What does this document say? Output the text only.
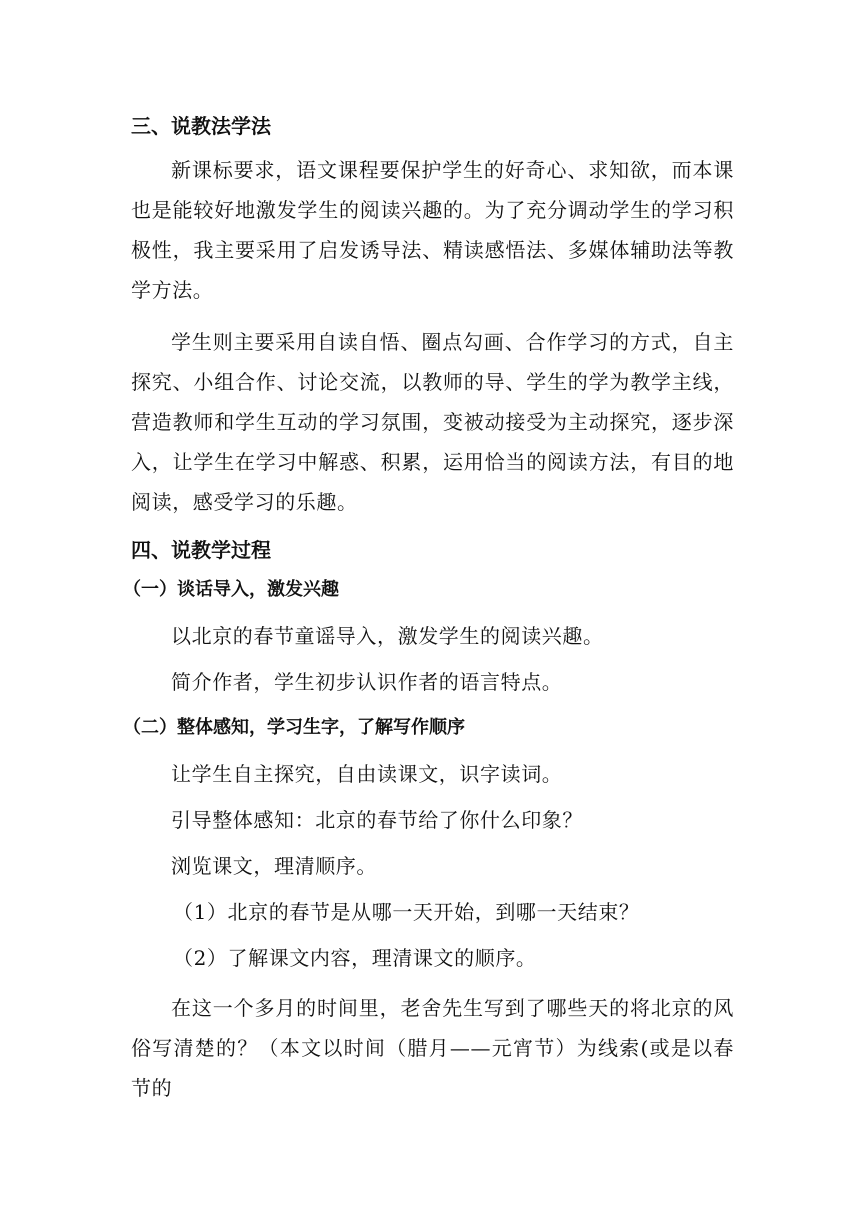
三、说教法学法

新课标要求，语文课程要保护学生的好奇心、求知欲，而本课也是能较好地激发学生的阅读兴趣的。为了充分调动学生的学习积极性，我主要采用了启发诱导法、精读感悟法、多媒体辅助法等教学方法。

学生则主要采用自读自悟、圈点勾画、合作学习的方式，自主探究、小组合作、讨论交流，以教师的导、学生的学为教学主线，营造教师和学生互动的学习氛围，变被动接受为主动探究，逐步深入，让学生在学习中解惑、积累，运用恰当的阅读方法，有目的地阅读，感受学习的乐趣。

四、说教学过程
（一）谈话导入，激发兴趣
以北京的春节童谣导入，激发学生的阅读兴趣。
简介作者，学生初步认识作者的语言特点。
（二）整体感知，学习生字，了解写作顺序
让学生自主探究，自由读课文，识字读词。
引导整体感知：北京的春节给了你什么印象？
浏览课文，理清顺序。
（1）北京的春节是从哪一天开始，到哪一天结束？
（2）了解课文内容，理清课文的顺序。

在这一个多月的时间里，老舍先生写到了哪些天的将北京的风俗写清楚的？（本文以时间（腊月——元宵节）为线索(或是以春节的
